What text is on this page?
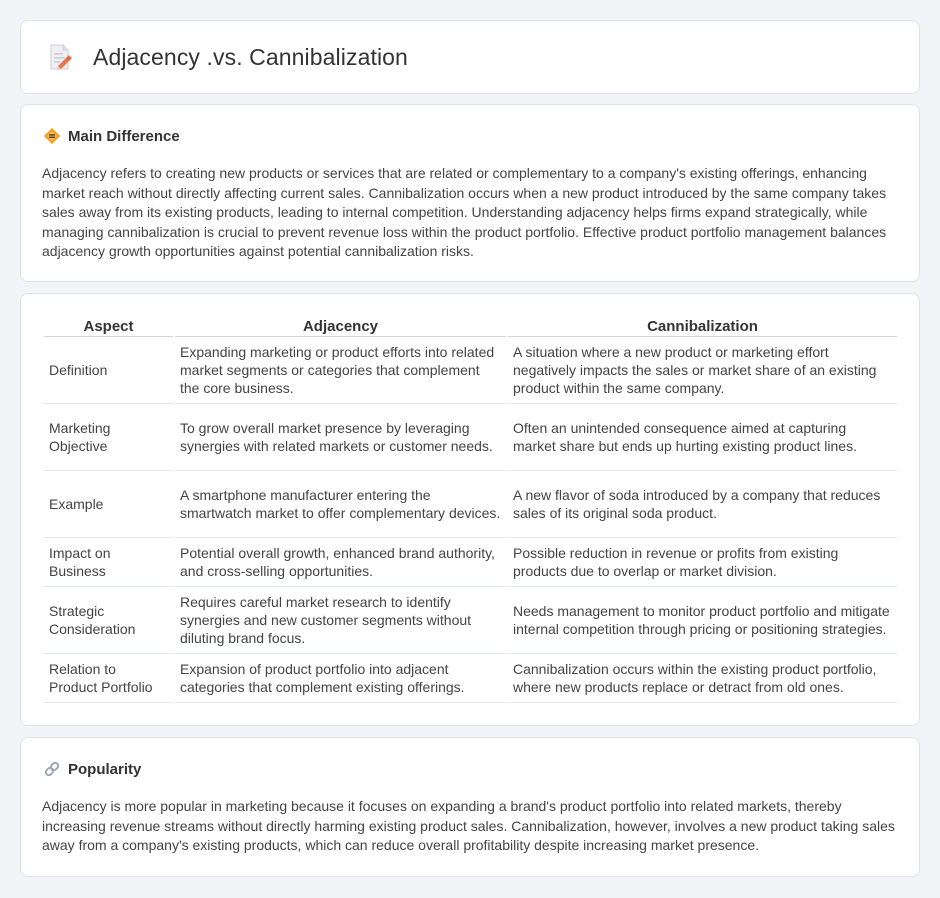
Adjacency .vs. Cannibalization
Main Difference

Adjacency refers to creating new products or services that are related or complementary to a company's existing offerings, enhancing market reach without directly affecting current sales. Cannibalization occurs when a new product introduced by the same company takes sales away from its existing products, leading to internal competition. Understanding adjacency helps firms expand strategically, while managing cannibalization is crucial to prevent revenue loss within the product portfolio. Effective product portfolio management balances adjacency growth opportunities against potential cannibalization risks.

Aspect	Adjacency	Cannibalization
Definition	Expanding marketing or product efforts into related market segments or categories that complement the core business.	A situation where a new product or marketing effort negatively impacts the sales or market share of an existing product within the same company.
Marketing Objective	To grow overall market presence by leveraging synergies with related markets or customer needs.	Often an unintended consequence aimed at capturing market share but ends up hurting existing product lines.
Example	A smartphone manufacturer entering the smartwatch market to offer complementary devices.	A new flavor of soda introduced by a company that reduces sales of its original soda product.
Impact on Business	Potential overall growth, enhanced brand authority, and cross-selling opportunities.	Possible reduction in revenue or profits from existing products due to overlap or market division.
Strategic Consideration	Requires careful market research to identify synergies and new customer segments without diluting brand focus.	Needs management to monitor product portfolio and mitigate internal competition through pricing or positioning strategies.
Relation to Product Portfolio	Expansion of product portfolio into adjacent categories that complement existing offerings.	Cannibalization occurs within the existing product portfolio, where new products replace or detract from old ones.
Popularity

Adjacency is more popular in marketing because it focuses on expanding a brand's product portfolio into related markets, thereby increasing revenue streams without directly harming existing product sales. Cannibalization, however, involves a new product taking sales away from a company's existing products, which can reduce overall profitability despite increasing market presence.
